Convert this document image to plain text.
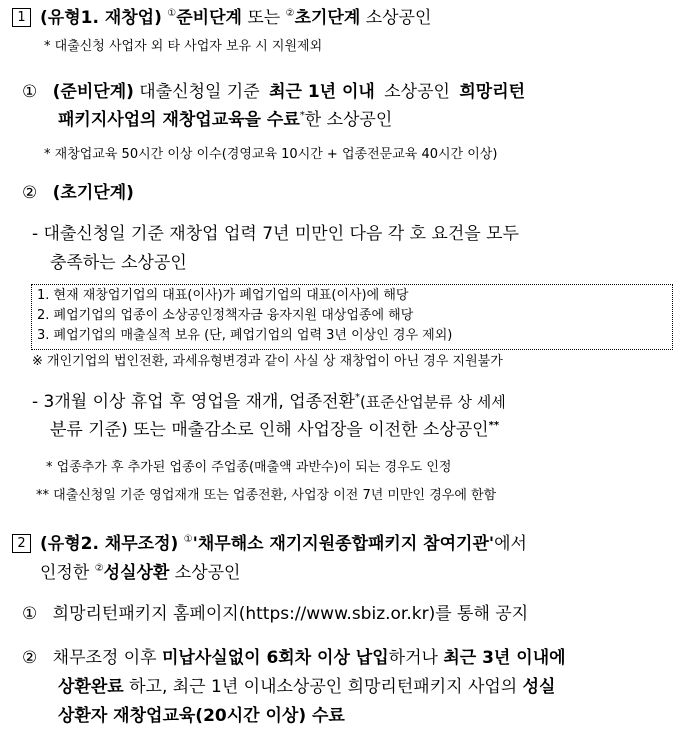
1 (유형1. 재창업) ①준비단계 또는 ②초기단계 소상공인
* 대출신청 사업자 외 타 사업자 보유 시 지원제외
① (준비단계) 대출신청일 기준 최근 1년 이내 소상공인 희망리턴
패키지사업의 재창업교육을 수료*한 소상공인
* 재창업교육 50시간 이상 이수(경영교육 10시간 + 업종전문교육 40시간 이상)
② (초기단계)
- 대출신청일 기준 재창업 업력 7년 미만인 다음 각 호 요건을 모두
충족하는 소상공인
1. 현재 재창업기업의 대표(이사)가 폐업기업의 대표(이사)에 해당
2. 폐업기업의 업종이 소상공인정책자금 융자지원 대상업종에 해당
3. 폐업기업의 매출실적 보유 (단, 폐업기업의 업력 3년 이상인 경우 제외)
※ 개인기업의 법인전환, 과세유형변경과 같이 사실 상 재창업이 아닌 경우 지원불가
- 3개월 이상 휴업 후 영업을 재개, 업종전환*(표준산업분류 상 세세
분류 기준) 또는 매출감소로 인해 사업장을 이전한 소상공인**
* 업종추가 후 추가된 업종이 주업종(매출액 과반수)이 되는 경우도 인정
** 대출신청일 기준 영업재개 또는 업종전환, 사업장 이전 7년 미만인 경우에 한함
2 (유형2. 채무조정) ①'채무해소 재기지원종합패키지 참여기관'에서
인정한 ②성실상환 소상공인
① 희망리턴패키지 홈페이지(https://www.sbiz.or.kr)를 통해 공지
② 채무조정 이후 미납사실없이 6회차 이상 납입하거나 최근 3년 이내에
상환완료 하고, 최근 1년 이내소상공인 희망리턴패키지 사업의 성실
상환자 재창업교육(20시간 이상) 수료
